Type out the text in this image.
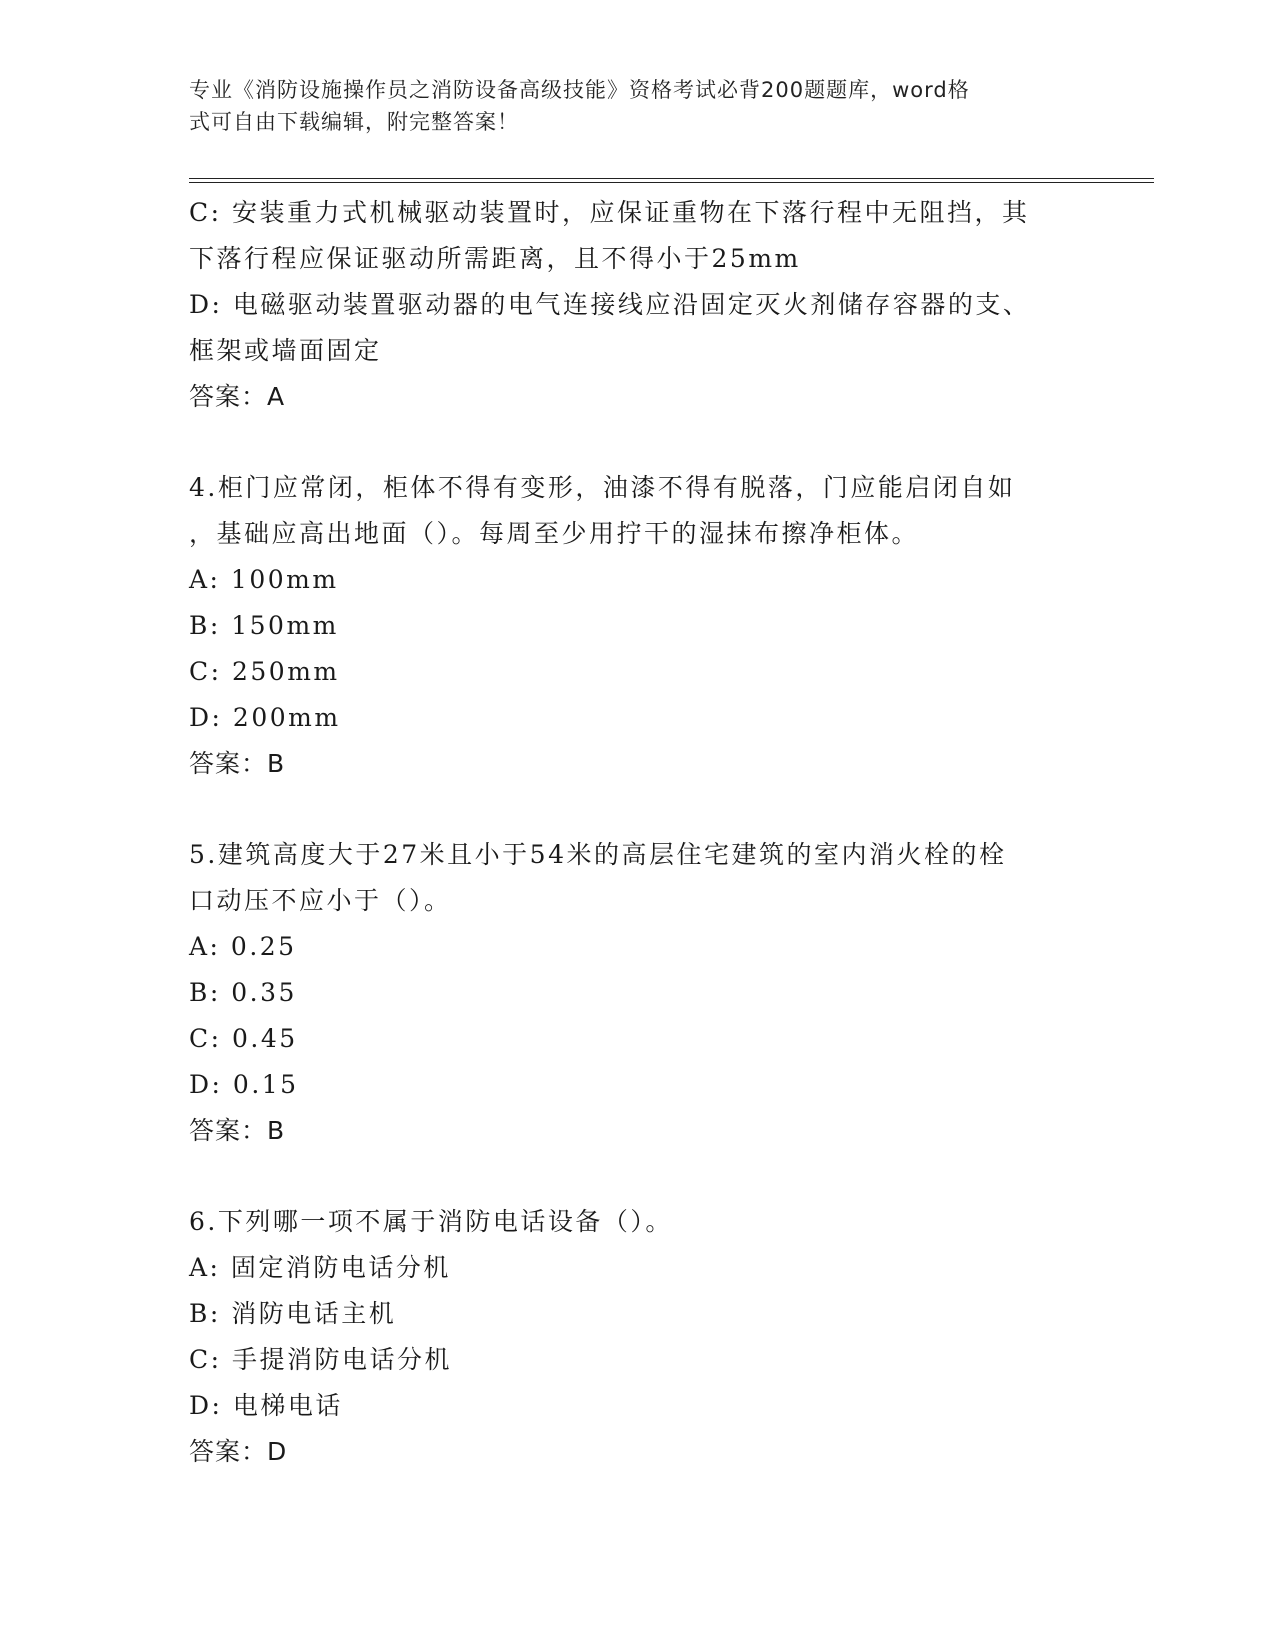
专业《消防设施操作员之消防设备高级技能》资格考试必背200题题库，word格
式可自由下载编辑，附完整答案！
C: 安装重力式机械驱动装置时，应保证重物在下落行程中无阻挡，其
下落行程应保证驱动所需距离，且不得小于25mm
D: 电磁驱动装置驱动器的电气连接线应沿固定灭火剂储存容器的支、
框架或墙面固定
答案：A
4.柜门应常闭，柜体不得有变形，油漆不得有脱落，门应能启闭自如
，基础应高出地面（）。每周至少用拧干的湿抹布擦净柜体。
A: 100mm
B: 150mm
C: 250mm
D: 200mm
答案：B
5.建筑高度大于27米且小于54米的高层住宅建筑的室内消火栓的栓
口动压不应小于（）。
A: 0.25
B: 0.35
C: 0.45
D: 0.15
答案：B
6.下列哪一项不属于消防电话设备（）。
A: 固定消防电话分机
B: 消防电话主机
C: 手提消防电话分机
D: 电梯电话
答案：D
